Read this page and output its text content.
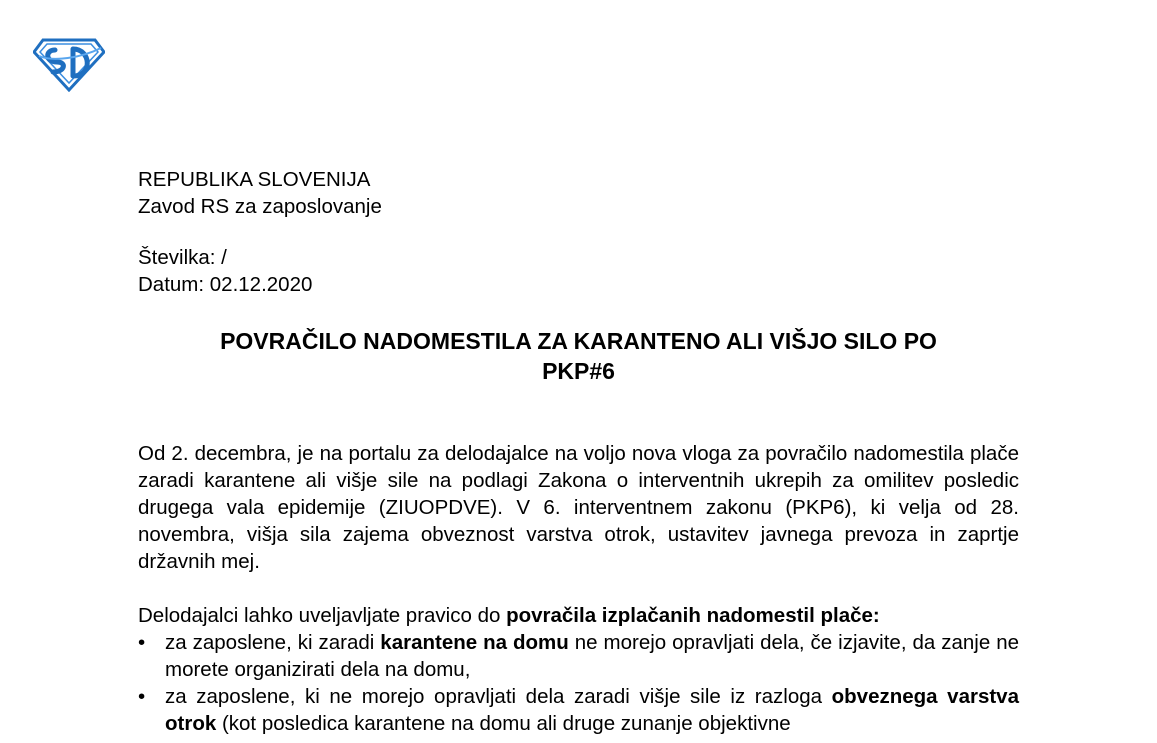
REPUBLIKA SLOVENIJA
Zavod RS za zaposlovanje
Številka: /
Datum: 02.12.2020
POVRAČILO NADOMESTILA ZA KARANTENO ALI VIŠJO SILO PO
PKP#6

Od 2. decembra, je na portalu za delodajalce na voljo nova vloga za povračilo nadomestila plače zaradi karantene ali višje sile na podlagi Zakona o interventnih ukrepih za omilitev posledic drugega vala epidemije (ZIUOPDVE). V 6. interventnem zakonu (PKP6), ki velja od 28. novembra, višja sila zajema obveznost varstva otrok, ustavitev javnega prevoza in zaprtje državnih mej.

Delodajalci lahko uveljavljate pravico do povračila izplačanih nadomestil plače:

• za zaposlene, ki zaradi karantene na domu ne morejo opravljati dela, če izjavite, da zanje ne morete organizirati dela na domu,
• za zaposlene, ki ne morejo opravljati dela zaradi višje sile iz razloga obveznega varstva otrok (kot posledica karantene na domu ali druge zunanje objektivne
